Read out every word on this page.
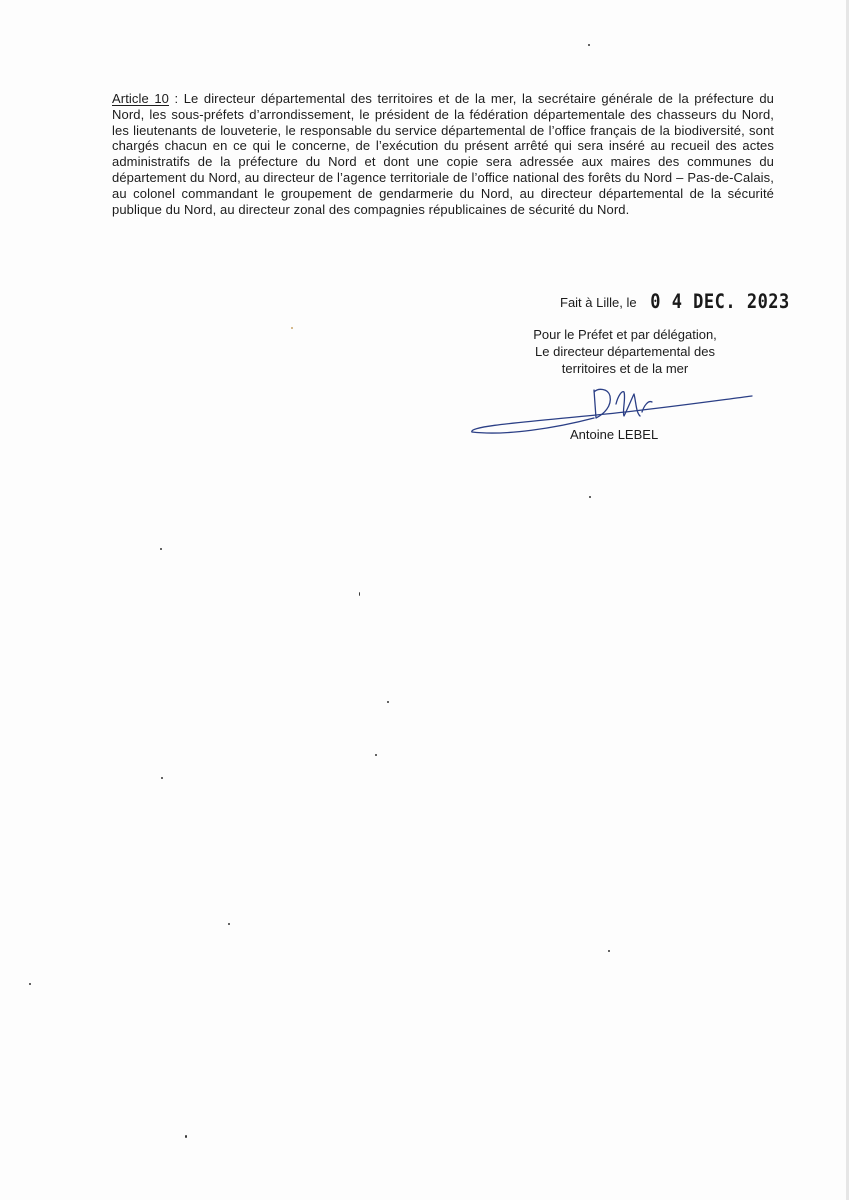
Article 10 : Le directeur départemental des territoires et de la mer, la secrétaire générale de la préfecture du Nord, les sous-préfets d’arrondissement, le président de la fédération départementale des chasseurs du Nord, les lieutenants de louveterie, le responsable du service départemental de l’office français de la biodiversité, sont chargés chacun en ce qui le concerne, de l’exécution du présent arrêté qui sera inséré au recueil des actes administratifs de la préfecture du Nord et dont une copie sera adressée aux maires des communes du département du Nord, au directeur de l’agence territoriale de l’office national des forêts du Nord – Pas-de-Calais, au colonel commandant le groupement de gendarmerie du Nord, au directeur départemental de la sécurité publique du Nord, au directeur zonal des compagnies républicaines de sécurité du Nord.

Fait à Lille, le 0 4 DEC. 2023
Pour le Préfet et par délégation,
Le directeur départemental des
territoires et de la mer
Antoine LEBEL
